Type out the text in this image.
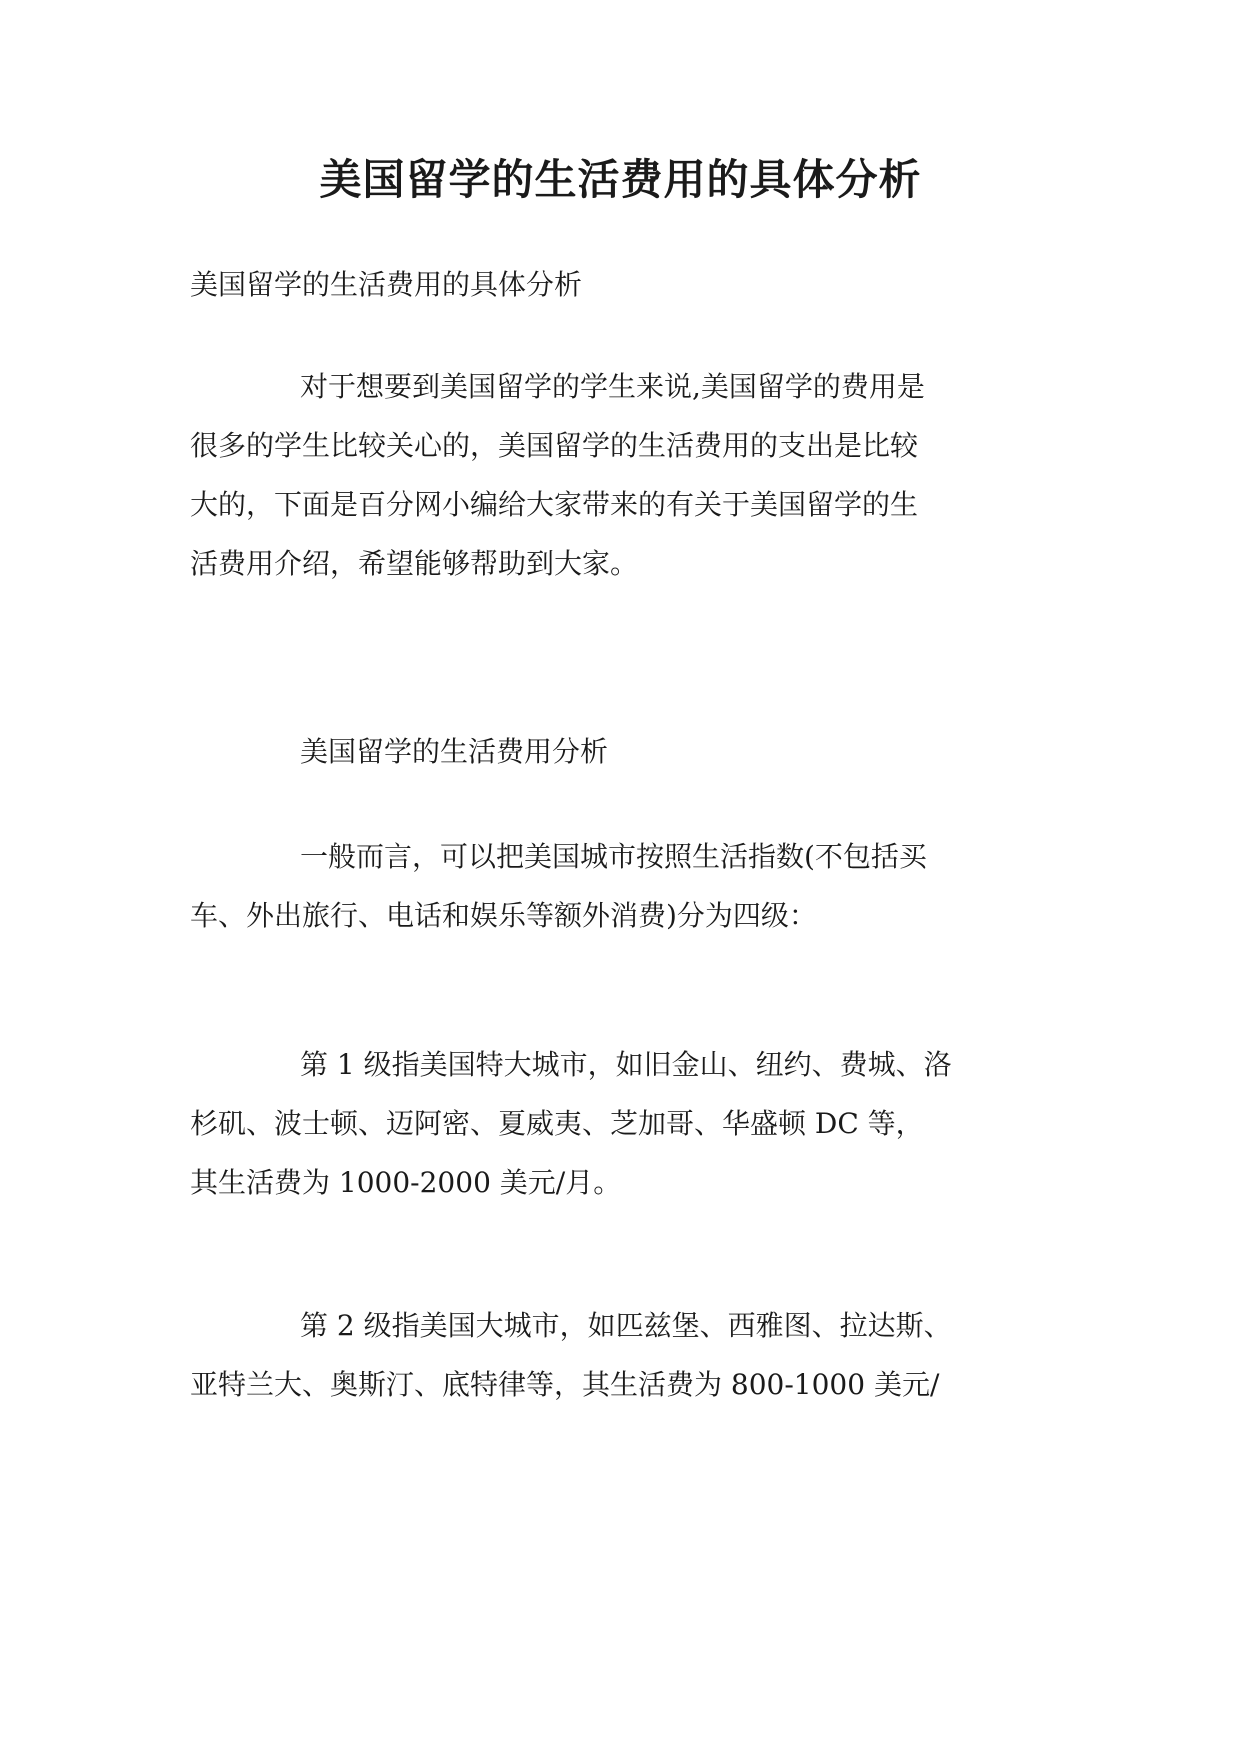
美国留学的生活费用的具体分析

美国留学的生活费用的具体分析

对于想要到美国留学的学生来说,美国留学的费用是
很多的学生比较关心的，美国留学的生活费用的支出是比较
大的，下面是百分网小编给大家带来的有关于美国留学的生
活费用介绍，希望能够帮助到大家。

美国留学的生活费用分析

一般而言，可以把美国城市按照生活指数(不包括买
车、外出旅行、电话和娱乐等额外消费)分为四级：

第 1 级指美国特大城市，如旧金山、纽约、费城、洛
杉矶、波士顿、迈阿密、夏威夷、芝加哥、华盛顿 DC 等，
其生活费为 1000-2000 美元/月。

第 2 级指美国大城市，如匹兹堡、西雅图、拉达斯、
亚特兰大、奥斯汀、底特律等，其生活费为 800-1000 美元/
